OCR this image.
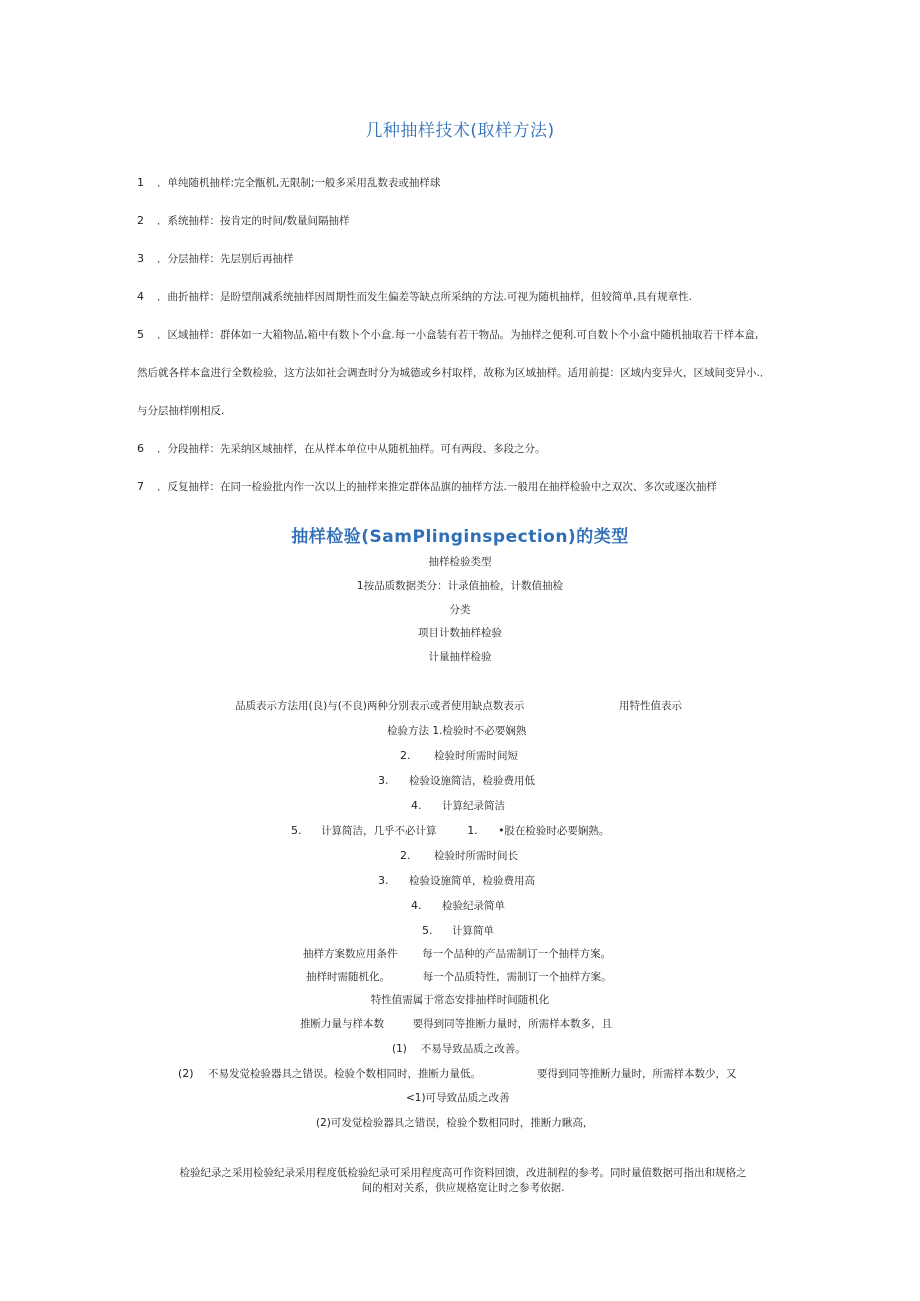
几种抽样技术(取样方法)
1 ．单纯随机抽样:完全甑机,无限制;一般多采用乱数表或抽样球
2 ．系统抽样：按肯定的时间/数量间隔抽样
3 ．分层抽样：先层别后再抽样
4 ．曲折抽样：是盼望削减系统抽样因周期性而发生偏差等缺点所采纳的方法.可视为随机抽样，但较简单,具有规章性.
5 ．区域抽样：群体如一大箱物品,箱中有数卜个小盒.每一小盒装有若干物品。为抽样之便利.可自数卜个小盒中随机抽取若干样本盒,
然后就各样本盒进行全数检验，这方法如社会调查时分为城德或乡村取样，故称为区域抽样。适用前提：区域内变异火，区域间变异小.．
与分层抽样刚相反.
6 ．分段抽样：先采纳区域抽样，在从样本单位中从随机抽样。可有两段、多段之分。
7 ．反复抽样：在同一检验批内作一次以上的抽样来推定群体品旗的抽样方法.一般用在抽样检验中之双次、多次或逐次抽样
抽样检验(SamPlinginspection)的类型
抽样检验类型
1按品质数据类分：计录值抽检，计数值抽检
分类
项目计数抽样检验
计量抽样检验
品质表示方法用(良)与(不良)两种分别表示或者使用缺点数表示	用特性值表示
检验方法 1.检验时不必要娴熟
2. 检验时所需时间短
3. 检验设施简洁，检验费用低
4. 计算纪录简洁
5. 计算简洁，几乎不必计算	1. •股在检验时必要娴熟。
2. 检验时所需时间长
3. 检验设施简单，检验费用高
4. 检验纪录简单
5. 计算简单
抽样方案数应用条件 每一个品种的产品需制订一个抽样方案。
抽样时需随机化。	每一个品质特性，需制订一个抽样方案。
特性值需属于常态安排抽样时间随机化
推断力量与样本数	要得到同等推断力量时，所需样本数多，且
(1)　 不易导致品质之改善。
(2) 不易发觉检验器具之错误。检验个数相同时，推断力量低。	要得到同等推断力量时，所需样本数少，又
<1)可导致品质之改善
(2)可发觉检验器具之错误，检验个数相同时，推断力瞅高，
检验纪录之采用检验纪录采用程度低检验纪录可采用程度高可作资料回馈，改进制程的参考。同时量值数据可指出和规格之间的相对关系，供应规格宽让时之参考依据.
